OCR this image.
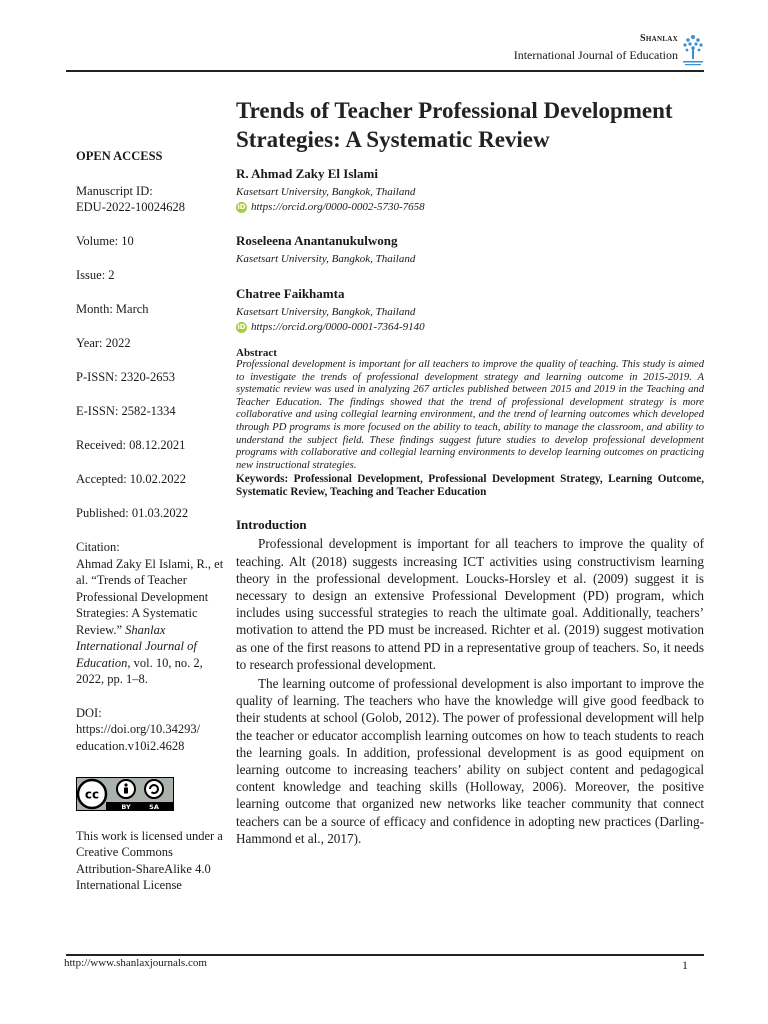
Shanlax
International Journal of Education
OPEN ACCESS
Manuscript ID:
EDU-2022-10024628
Volume: 10
Issue: 2
Month: March
Year: 2022
P-ISSN: 2320-2653
E-ISSN: 2582-1334
Received: 08.12.2021
Accepted: 10.02.2022
Published: 01.03.2022
Citation:
Ahmad Zaky El Islami, R., et al. “Trends of Teacher Professional Development Strategies: A Systematic Review.” Shanlax International Journal of Education, vol. 10, no. 2, 2022, pp. 1–8.
DOI:
https://doi.org/10.34293/
education.v10i2.4628
cc
BY	SA
This work is licensed under a Creative Commons Attribution-ShareAlike 4.0 International License
Trends of Teacher Professional Development Strategies: A Systematic Review
R. Ahmad Zaky El Islami
Kasetsart University, Bangkok, Thailand
iD https://orcid.org/0000-0002-5730-7658
Roseleena Anantanukulwong
Kasetsart University, Bangkok, Thailand
Chatree Faikhamta
Kasetsart University, Bangkok, Thailand
iD https://orcid.org/0000-0001-7364-9140
Abstract
Professional development is important for all teachers to improve the quality of teaching. This study is aimed to investigate the trends of professional development strategy and learning outcome in 2015-2019. A systematic review was used in analyzing 267 articles published between 2015 and 2019 in the Teaching and Teacher Education. The findings showed that the trend of professional development strategy is more collaborative and using collegial learning environment, and the trend of learning outcomes which developed through PD programs is more focused on the ability to teach, ability to manage the classroom, and ability to understand the subject field. These findings suggest future studies to develop professional development programs with collaborative and collegial learning environments to develop learning outcomes on practicing new instructional strategies.
Keywords: Professional Development, Professional Development Strategy, Learning Outcome, Systematic Review, Teaching and Teacher Education
Introduction

Professional development is important for all teachers to improve the quality of teaching. Alt (2018) suggests increasing ICT activities using constructivism learning theory in the professional development. Loucks-Horsley et al. (2009) suggest it is necessary to design an extensive Professional Development (PD) program, which includes using successful strategies to reach the ultimate goal. Additionally, teachers’ motivation to attend the PD must be increased. Richter et al. (2019) suggest motivation as one of the first reasons to attend PD in a representative group of teachers. So, it needs to research professional development.

The learning outcome of professional development is also important to improve the quality of learning. The teachers who have the knowledge will give good feedback to their students at school (Golob, 2012). The power of professional development will help the teacher or educator accomplish learning outcomes on how to teach students to reach the learning goals. In addition, professional development is as good equipment on learning outcome to increasing teachers’ ability on subject content and pedagogical content knowledge and teaching skills (Holloway, 2006). Moreover, the positive learning outcome that organized new networks like teacher community that connect teachers can be a source of efficacy and confidence in adopting new practices (Darling-Hammond et al., 2017).

http://www.shanlaxjournals.com	1
